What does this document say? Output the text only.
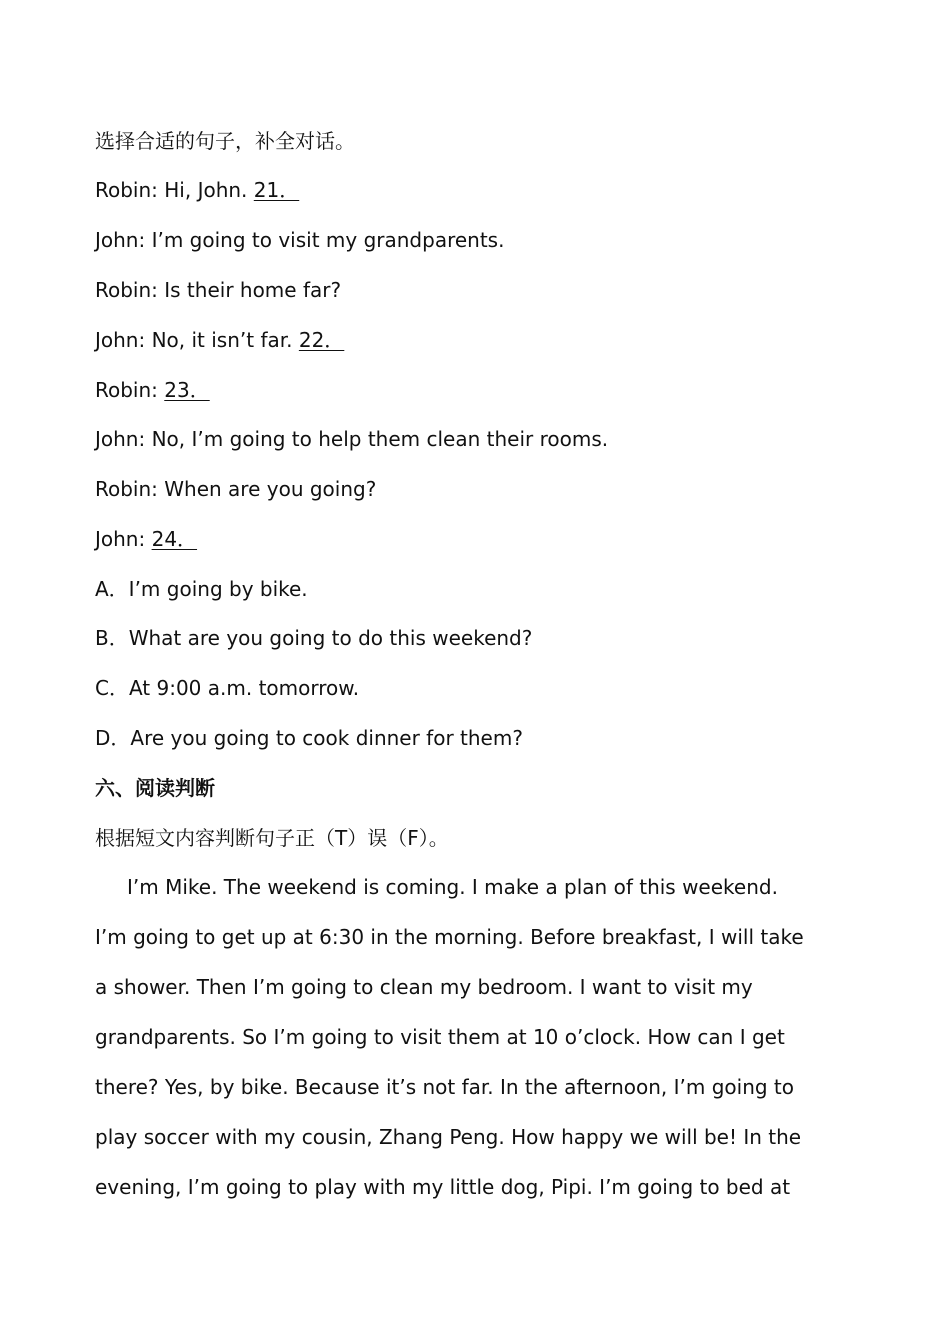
选择合适的句子，补全对话。
Robin: Hi, John. 21．
John: I’m going to visit my grandparents.
Robin: Is their home far?
John: No, it isn’t far. 22．
Robin: 23．
John: No, I’m going to help them clean their rooms.
Robin: When are you going?
John: 24．
A．I’m going by bike.
B．What are you going to do this weekend?
C．At 9:00 a.m. tomorrow.
D．Are you going to cook dinner for them?
六、阅读判断
根据短文内容判断句子正（T）误（F）。
I’m Mike. The weekend is coming. I make a plan of this weekend. I’m going to get up at 6:30 in the morning. Before breakfast, I will take a shower. Then I’m going to clean my bedroom. I want to visit my grandparents. So I’m going to visit them at 10 o’clock. How can I get there? Yes, by bike. Because it’s not far. In the afternoon, I’m going to play soccer with my cousin, Zhang Peng. How happy we will be! In the evening, I’m going to play with my little dog, Pipi. I’m going to bed at
